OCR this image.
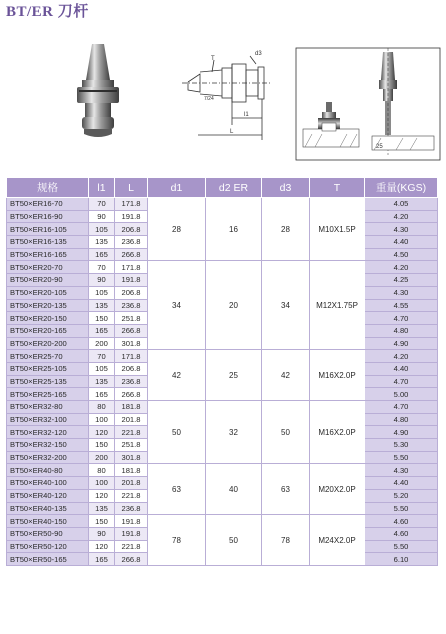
BT/ER 刀杆
d3
T
7/24
l1
L
25
规格	l1	L	d1	d2 ER	d3	T	重量(KGS)
BT50×ER16-70	70	171.8	28	16	28	M10X1.5P	4.05
BT50×ER16-90	90	191.8					4.20
BT50×ER16-105	105	206.8					4.30
BT50×ER16-135	135	236.8					4.40
BT50×ER16-165	165	266.8					4.50
BT50×ER20-70	70	171.8	34	20	34	M12X1.75P	4.20
BT50×ER20-90	90	191.8					4.25
BT50×ER20-105	105	206.8					4.30
BT50×ER20-135	135	236.8					4.55
BT50×ER20-150	150	251.8					4.70
BT50×ER20-165	165	266.8					4.80
BT50×ER20-200	200	301.8					4.90
BT50×ER25-70	70	171.8	42	25	42	M16X2.0P	4.20
BT50×ER25-105	105	206.8					4.40
BT50×ER25-135	135	236.8					4.70
BT50×ER25-165	165	266.8					5.00
BT50×ER32-80	80	181.8	50	32	50	M16X2.0P	4.70
BT50×ER32-100	100	201.8					4.80
BT50×ER32-120	120	221.8					4.90
BT50×ER32-150	150	251.8					5.30
BT50×ER32-200	200	301.8					5.50
BT50×ER40-80	80	181.8	63	40	63	M20X2.0P	4.30
BT50×ER40-100	100	201.8					4.40
BT50×ER40-120	120	221.8					5.20
BT50×ER40-135	135	236.8					5.50
BT50×ER40-150	150	191.8	78	50	78	M24X2.0P	4.60
BT50×ER50-90	90	191.8					4.60
BT50×ER50-120	120	221.8					5.50
BT50×ER50-165	165	266.8					6.10
